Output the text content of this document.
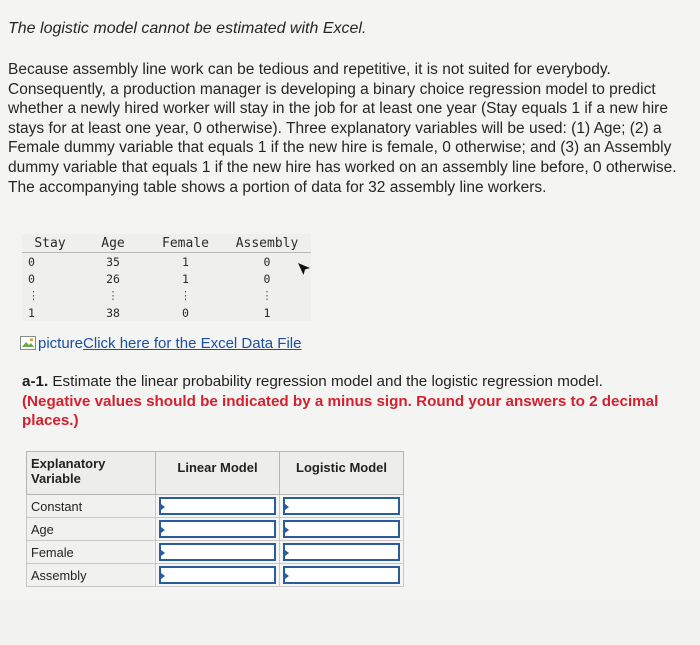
The logistic model cannot be estimated with Excel.

Because assembly line work can be tedious and repetitive, it is not suited for everybody. Consequently, a production manager is developing a binary choice regression model to predict whether a newly hired worker will stay in the job for at least one year (Stay equals 1 if a new hire stays for at least one year, 0 otherwise). Three explanatory variables will be used: (1) Age; (2) a Female dummy variable that equals 1 if the new hire is female, 0 otherwise; and (3) an Assembly dummy variable that equals 1 if the new hire has worked on an assembly line before, 0 otherwise. The accompanying table shows a portion of data for 32 assembly line workers.

Stay	Age	Female	Assembly
0	35	1	0
0	26	1	0
⋮	⋮	⋮	⋮
1	38	0	1
pictureClick here for the Excel Data File

a-1. Estimate the linear probability regression model and the logistic regression model. (Negative values should be indicated by a minus sign. Round your answers to 2 decimal places.)

Explanatory Variable	Linear Model	Logistic Model
Constant	

Age	

Female	

Assembly	
